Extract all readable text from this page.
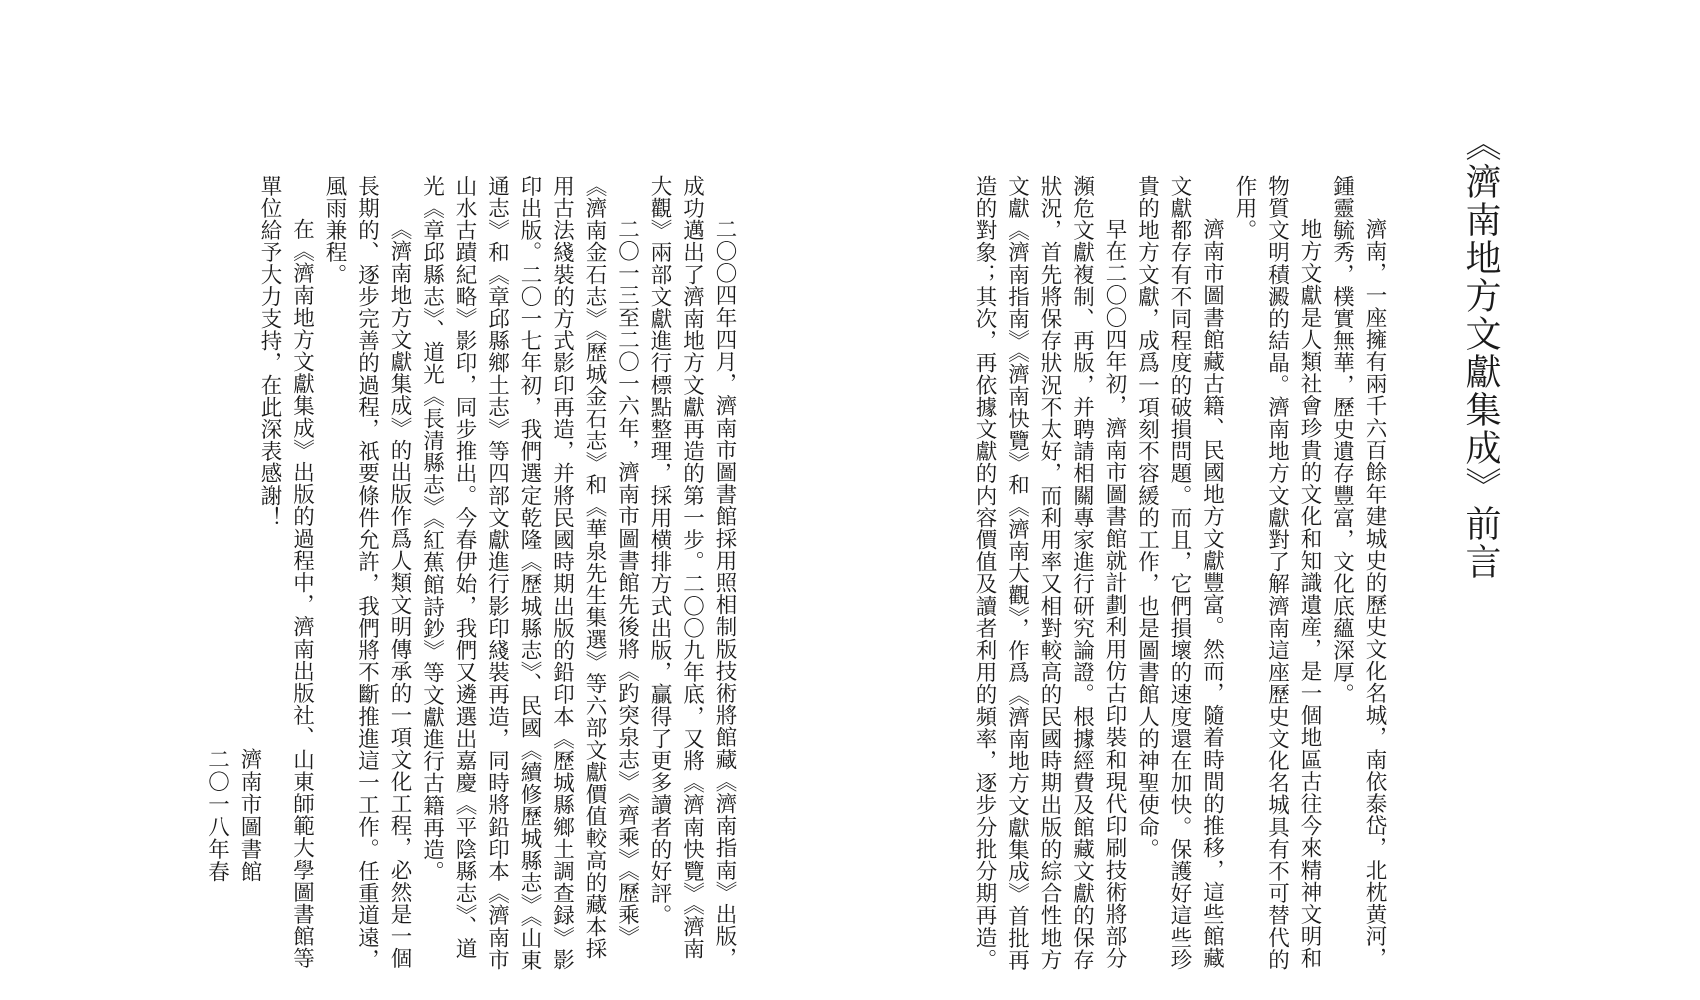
《濟南地方文獻集成》前言

濟南，一座擁有兩千六百餘年建城史的歷史文化名城，南依泰岱，北枕黄河，鍾靈毓秀，樸實無華，歷史遺存豐富，文化底蘊深厚。

地方文獻是人類社會珍貴的文化和知識遺産，是一個地區古往今來精神文明和物質文明積澱的結晶。濟南地方文獻對了解濟南這座歷史文化名城具有不可替代的作用。

濟南市圖書館藏古籍、民國地方文獻豐富。然而，隨着時間的推移，這些館藏文獻都存有不同程度的破損問題。而且，它們損壞的速度還在加快。保護好這些珍貴的地方文獻，成爲一項刻不容緩的工作，也是圖書館人的神聖使命。

早在二〇〇四年初，濟南市圖書館就計劃利用仿古印裝和現代印刷技術將部分瀕危文獻複制、再版，并聘請相關專家進行研究論證。根據經費及館藏文獻的保存狀況，首先將保存狀況不太好，而利用率又相對較高的民國時期出版的綜合性地方文獻《濟南指南》《濟南快覽》和《濟南大觀》，作爲《濟南地方文獻集成》首批再造的對象；其次，再依據文獻的内容價值及讀者利用的頻率，逐步分批分期再造。

二〇〇四年四月，濟南市圖書館採用照相制版技術將館藏《濟南指南》出版，成功邁出了濟南地方文獻再造的第一步。二〇〇九年底，又將《濟南快覽》《濟南大觀》兩部文獻進行標點整理，採用横排方式出版，贏得了更多讀者的好評。

二〇一三至二〇一六年，濟南市圖書館先後將《趵突泉志》《齊乘》《歷乘》《濟南金石志》《歷城金石志》和《華泉先生集選》等六部文獻價值較高的藏本採用古法綫裝的方式影印再造，并將民國時期出版的鉛印本《歷城縣鄉土調查録》影印出版。二〇一七年初，我們選定乾隆《歷城縣志》、民國《續修歷城縣志》《山東通志》和《章邱縣鄉土志》等四部文獻進行影印綫裝再造，同時將鉛印本《濟南市山水古蹟紀略》影印，同步推出。今春伊始，我們又遴選出嘉慶《平陰縣志》、道光《章邱縣志》、道光《長清縣志》《紅蕉館詩鈔》等文獻進行古籍再造。

《濟南地方文獻集成》的出版作爲人類文明傳承的一項文化工程，必然是一個長期的、逐步完善的過程，祇要條件允許，我們將不斷推進這一工作。任重道遠，風雨兼程。

在《濟南地方文獻集成》出版的過程中，濟南出版社、山東師範大學圖書館等單位給予大力支持，在此深表感謝！

濟南市圖書館
二〇一八年春
